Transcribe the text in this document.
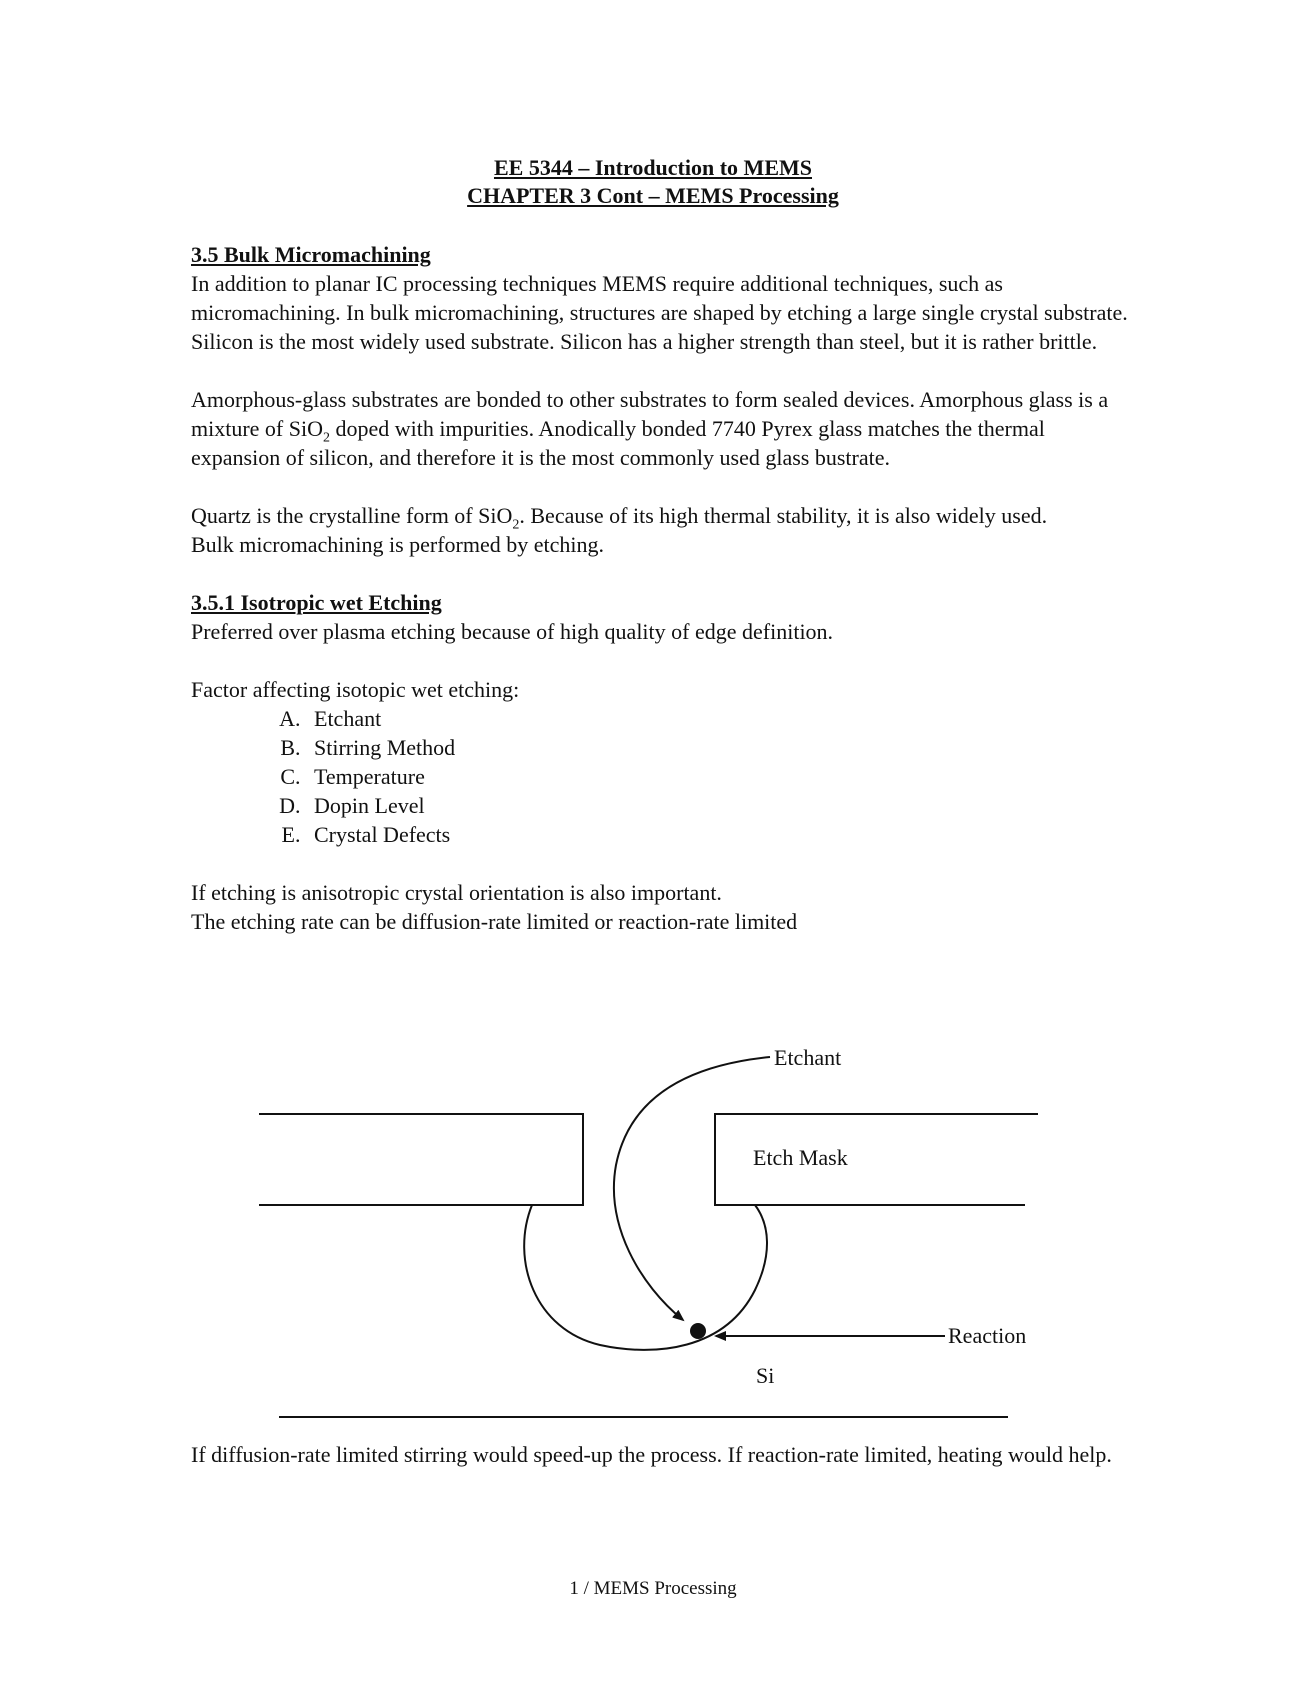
EE 5344 – Introduction to MEMS
CHAPTER 3 Cont – MEMS Processing

3.5 Bulk Micromachining

In addition to planar IC processing techniques MEMS require additional techniques, such as micromachining. In bulk micromachining, structures are shaped by etching a large single crystal substrate. Silicon is the most widely used substrate. Silicon has a higher strength than steel, but it is rather brittle.

Amorphous-glass substrates are bonded to other substrates to form sealed devices. Amorphous glass is a mixture of SiO$_2$ doped with impurities. Anodically bonded 7740 Pyrex glass matches the thermal expansion of silicon, and therefore it is the most commonly used glass bustrate.

Quartz is the crystalline form of SiO$_2$. Because of its high thermal stability, it is also widely used.

Bulk micromachining is performed by etching.

3.5.1 Isotropic wet Etching

Preferred over plasma etching because of high quality of edge definition.

Factor affecting isotopic wet etching:

A. Etchant
B. Stirring Method
C. Temperature
D. Dopin Level
E. Crystal Defects

If etching is anisotropic crystal orientation is also important.

The etching rate can be diffusion-rate limited or reaction-rate limited

Etchant
Etch Mask
Reaction
Si
If diffusion-rate limited stirring would speed-up the process. If reaction-rate limited, heating would help.
1 / MEMS Processing
